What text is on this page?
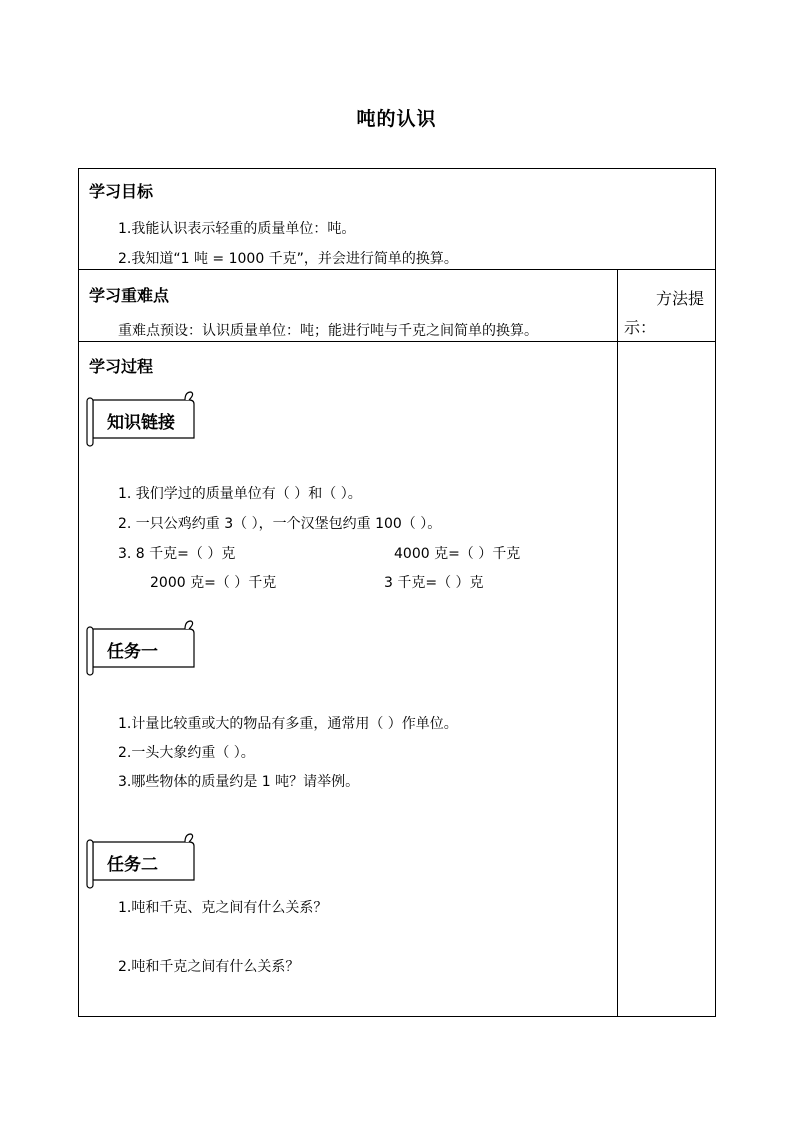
吨的认识
学习目标
1.我能认识表示轻重的质量单位：吨。
2.我知道“1 吨 = 1000 千克”，并会进行简单的换算。
学习重难点
重难点预设：认识质量单位：吨；能进行吨与千克之间简单的换算。
方法提
示：
学习过程
知识链接
1. 我们学过的质量单位有（ ）和（ ）。
2. 一只公鸡约重 3（ ），一个汉堡包约重 100（ ）。
3. 8 千克=（ ）克	4000 克=（ ）千克
2000 克=（ ）千克	3 千克=（ ）克
任务一
1.计量比较重或大的物品有多重，通常用（ ）作单位。
2.一头大象约重（ ）。
3.哪些物体的质量约是 1 吨？请举例。
任务二
1.吨和千克、克之间有什么关系？
2.吨和千克之间有什么关系？
